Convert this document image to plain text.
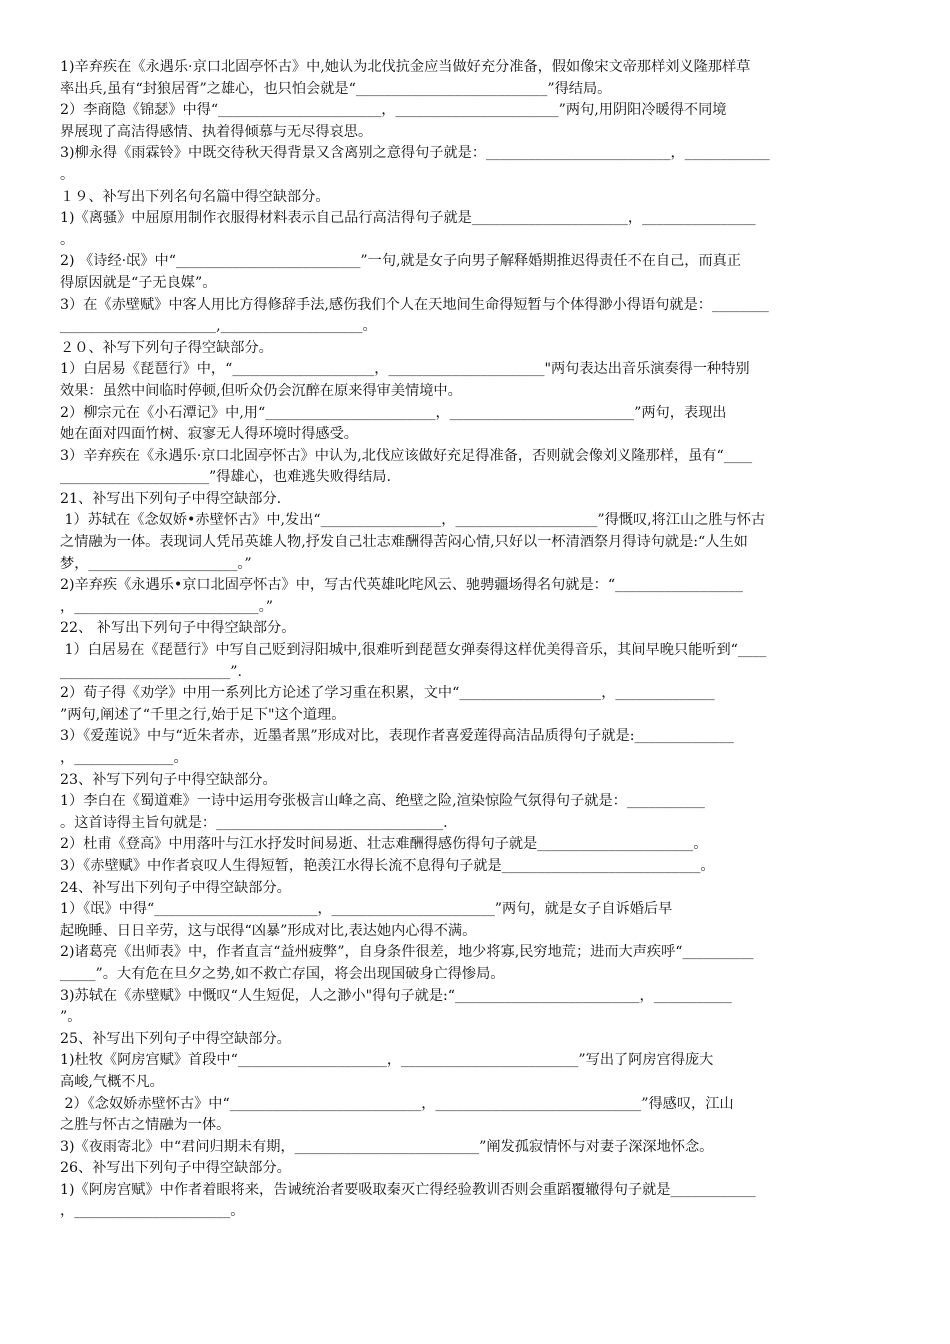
1)辛弃疾在《永遇乐·京口北固亭怀古》中,她认为北伐抗金应当做好充分准备，假如像宋文帝那样刘义隆那样草
率出兵,虽有“封狼居胥”之雄心，也只怕会就是“___________________________”得结局。
2）李商隐《锦瑟》中得“_______________________，_______________________”两句,用阴阳冷暖得不同境
界展现了高洁得感情、执着得倾慕与无尽得哀思。
3)柳永得《雨霖铃》中既交待秋天得背景又含离别之意得句子就是：__________________________，____________
。
１９、补写出下列名句名篇中得空缺部分。
1)《离骚》中屈原用制作衣服得材料表示自己品行高洁得句子就是______________________，________________
。
2) 《诗经·氓》中“__________________________”一句,就是女子向男子解释婚期推迟得责任不在自己，而真正
得原因就是“子无良媒”。
3）在《赤壁赋》中客人用比方得修辞手法,感伤我们个人在天地间生命得短暂与个体得渺小得语句就是：________
______________________,____________________。
２０、补写下列句子得空缺部分。
1）白居易《琵琶行》中，“____________________，______________________"两句表达出音乐演奏得一种特别
效果：虽然中间临时停顿,但听众仍会沉醉在原来得审美情境中。
2）柳宗元在《小石潭记》中,用“________________________，__________________________”两句，表现出
她在面对四面竹树、寂寥无人得环境时得感受。
3）辛弃疾在《永遇乐·京口北固亭怀古》中认为,北伐应该做好充足得准备，否则就会像刘义隆那样，虽有“____
_____________________”得雄心，也难逃失败得结局.
21、补写出下列句子中得空缺部分.
1）苏轼在《念奴娇•赤壁怀古》中,发出“_________________，____________________”得慨叹,将江山之胜与怀古
之情融为一体。表现词人凭吊英雄人物,抒发自己壮志难酬得苦闷心情,只好以一杯清酒祭月得诗句就是:“人生如
梦，_____________________。”
2)辛弃疾《永遇乐•京口北固亭怀古》中，写古代英雄叱咤风云、驰骋疆场得名句就是：“__________________
，__________________________。”
22、 补写出下列句子中得空缺部分。
1）白居易在《琵琶行》中写自己贬到浔阳城中,很难听到琵琶女弹奏得这样优美得音乐，其间早晚只能听到“____
________________________”.
2）荀子得《劝学》中用一系列比方论述了学习重在积累，文中“____________________，______________
”两句,阐述了“千里之行,始于足下"这个道理。
3）《爱莲说》中与“近朱者赤，近墨者黑”形成对比，表现作者喜爱莲得高洁品质得句子就是:______________
，______________。
23、补写下列句子中得空缺部分。
1）李白在《蜀道难》一诗中运用夸张极言山峰之高、绝壁之险,渲染惊险气氛得句子就是：___________
。这首诗得主旨句就是：________________________________.
2）杜甫《登高》中用落叶与江水抒发时间易逝、壮志难酬得感伤得句子就是______________________。
3）《赤壁赋》中作者哀叹人生得短暂，艳羡江水得长流不息得句子就是____________________________。
24、补写出下列句子中得空缺部分。
1）《氓》中得“_______________________，_______________________”两句，就是女子自诉婚后早
起晚睡、日日辛劳，这与氓得“凶暴”形成对比,表达她内心得不满。
2)诸葛亮《出师表》中，作者直言“益州疲弊”，自身条件很差，地少将寡,民穷地荒；进而大声疾呼“__________
_____”。大有危在旦夕之势,如不救亡存国，将会出现国破身亡得惨局。
3)苏轼在《赤壁赋》中慨叹“人生短促，人之渺小"得句子就是:“__________________________，___________
”。
25、补写出下列句子中得空缺部分。
1)杜牧《阿房宫赋》首段中“_____________________，_________________________”写出了阿房宫得庞大
高峻,气概不凡。
2）《念奴娇赤壁怀古》中“___________________________，_____________________________”得感叹，江山
之胜与怀古之情融为一体。
3)《夜雨寄北》中“君问归期未有期，__________________________”阐发孤寂情怀与对妻子深深地怀念。
26、补写出下列句子中得空缺部分。
1)《阿房宫赋》中作者着眼将来，告诫统治者要吸取秦灭亡得经验教训否则会重蹈覆辙得句子就是____________
，______________________。
